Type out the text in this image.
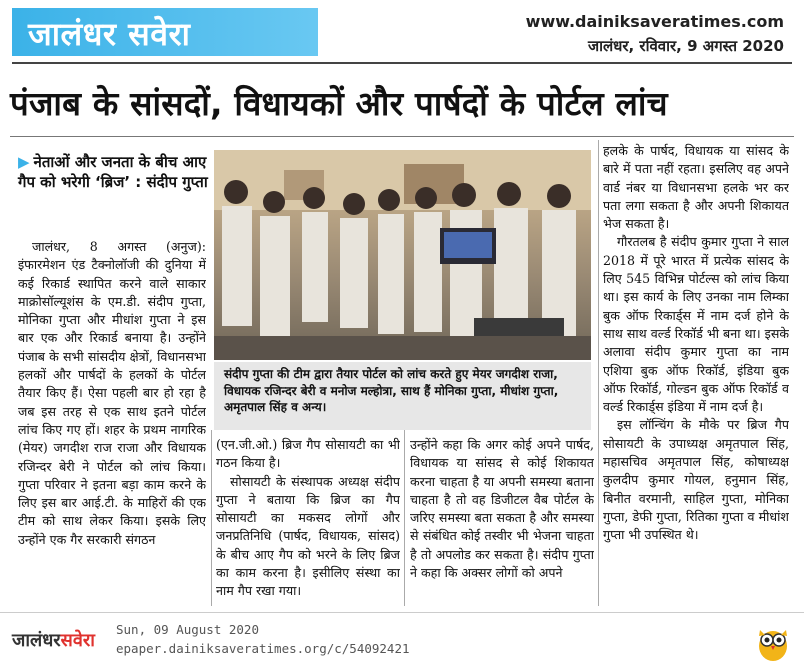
जालंधर सवेरा	www.dainiksaveratimes.com
जालंधर, रविवार, 9 अगस्त 2020
पंजाब के सांसदों, विधायकों और पार्षदों के पोर्टल लांच
▶ नेताओं और जनता के बीच आए गैप को भरेगी ‘ब्रिज’ : संदीप गुप्ता

जालंधर, 8 अगस्त (अनुज): इंफारमेशन एंड टैक्नोलॉजी की दुनिया में कई रिकार्ड स्थापित करने वाले साकार माक्रोसॉल्यूशंस के एम.डी. संदीप गुप्ता, मोनिका गुप्ता और मीधांश गुप्ता ने इस बार एक और रिकार्ड बनाया है। उन्होंने पंजाब के सभी सांसदीय क्षेत्रों, विधानसभा हलकों और पार्षदों के हलकों के पोर्टल तैयार किए हैं। ऐसा पहली बार हो रहा है जब इस तरह से एक साथ इतने पोर्टल लांच किए गए हों। शहर के प्रथम नागरिक (मेयर) जगदीश राज राजा और विधायक रजिन्दर बेरी ने पोर्टल को लांच किया। गुप्ता परिवार ने इतना बड़ा काम करने के लिए इस बार आई.टी. के माहिरों की एक टीम को साथ लेकर किया। इसके लिए उन्होंने एक गैर सरकारी संगठन

संदीप गुप्ता की टीम द्वारा तैयार पोर्टल को लांच करते हुए मेयर जगदीश राजा, विधायक रजिन्दर बेरी व मनोज मल्होत्रा, साथ हैं मोनिका गुप्ता, मीधांश गुप्ता, अमृतपाल सिंह व अन्य।

(एन.जी.ओ.) ब्रिज गैप सोसायटी का भी गठन किया है।

सोसायटी के संस्थापक अध्यक्ष संदीप गुप्ता ने बताया कि ब्रिज का गैप सोसायटी का मकसद लोगों और जनप्रतिनिधि (पार्षद, विधायक, सांसद) के बीच आए गैप को भरने के लिए ब्रिज का काम करना है। इसीलिए संस्था का नाम गैप रखा गया।

उन्होंने कहा कि अगर कोई अपने पार्षद, विधायक या सांसद से कोई शिकायत करना चाहता है या अपनी समस्या बताना चाहता है तो वह डिजीटल वैब पोर्टल के जरिए समस्या बता सकता है और समस्या से संबंधित कोई तस्वीर भी भेजना चाहता है तो अपलोड कर सकता है। संदीप गुप्ता ने कहा कि अक्सर लोगों को अपने

हलके के पार्षद, विधायक या सांसद के बारे में पता नहीं रहता। इसलिए वह अपने वार्ड नंबर या विधानसभा हलके भर कर पता लगा सकता है और अपनी शिकायत भेज सकता है।

गौरतलब है संदीप कुमार गुप्ता ने साल 2018 में पूरे भारत में प्रत्येक सांसद के लिए 545 विभिन्न पोर्टल्स को लांच किया था। इस कार्य के लिए उनका नाम लिम्का बुक ऑफ रिकार्ड्स में नाम दर्ज होने के साथ साथ वर्ल्ड रिकॉर्ड भी बना था। इसके अलावा संदीप कुमार गुप्ता का नाम एशिया बुक ऑफ रिकॉर्ड, इंडिया बुक ऑफ रिकॉर्ड, गोल्डन बुक ऑफ रिकॉर्ड व वर्ल्ड रिकार्ड्स इंडिया में नाम दर्ज है।

इस लॉन्चिंग के मौके पर ब्रिज गैप सोसायटी के उपाध्यक्ष अमृतपाल सिंह, महासचिव अमृतपाल सिंह, कोषाध्यक्ष कुलदीप कुमार गोयल, हनुमान सिंह, बिनीत वरमानी, साहिल गुप्ता, मोनिका गुप्ता, डेफी गुप्ता, रितिका गुप्ता व मीधांश गुप्ता भी उपस्थित थे।

जालंधरसवेरा
Sun, 09 August 2020
epaper.dainiksaveratimes.org/c/54092421
